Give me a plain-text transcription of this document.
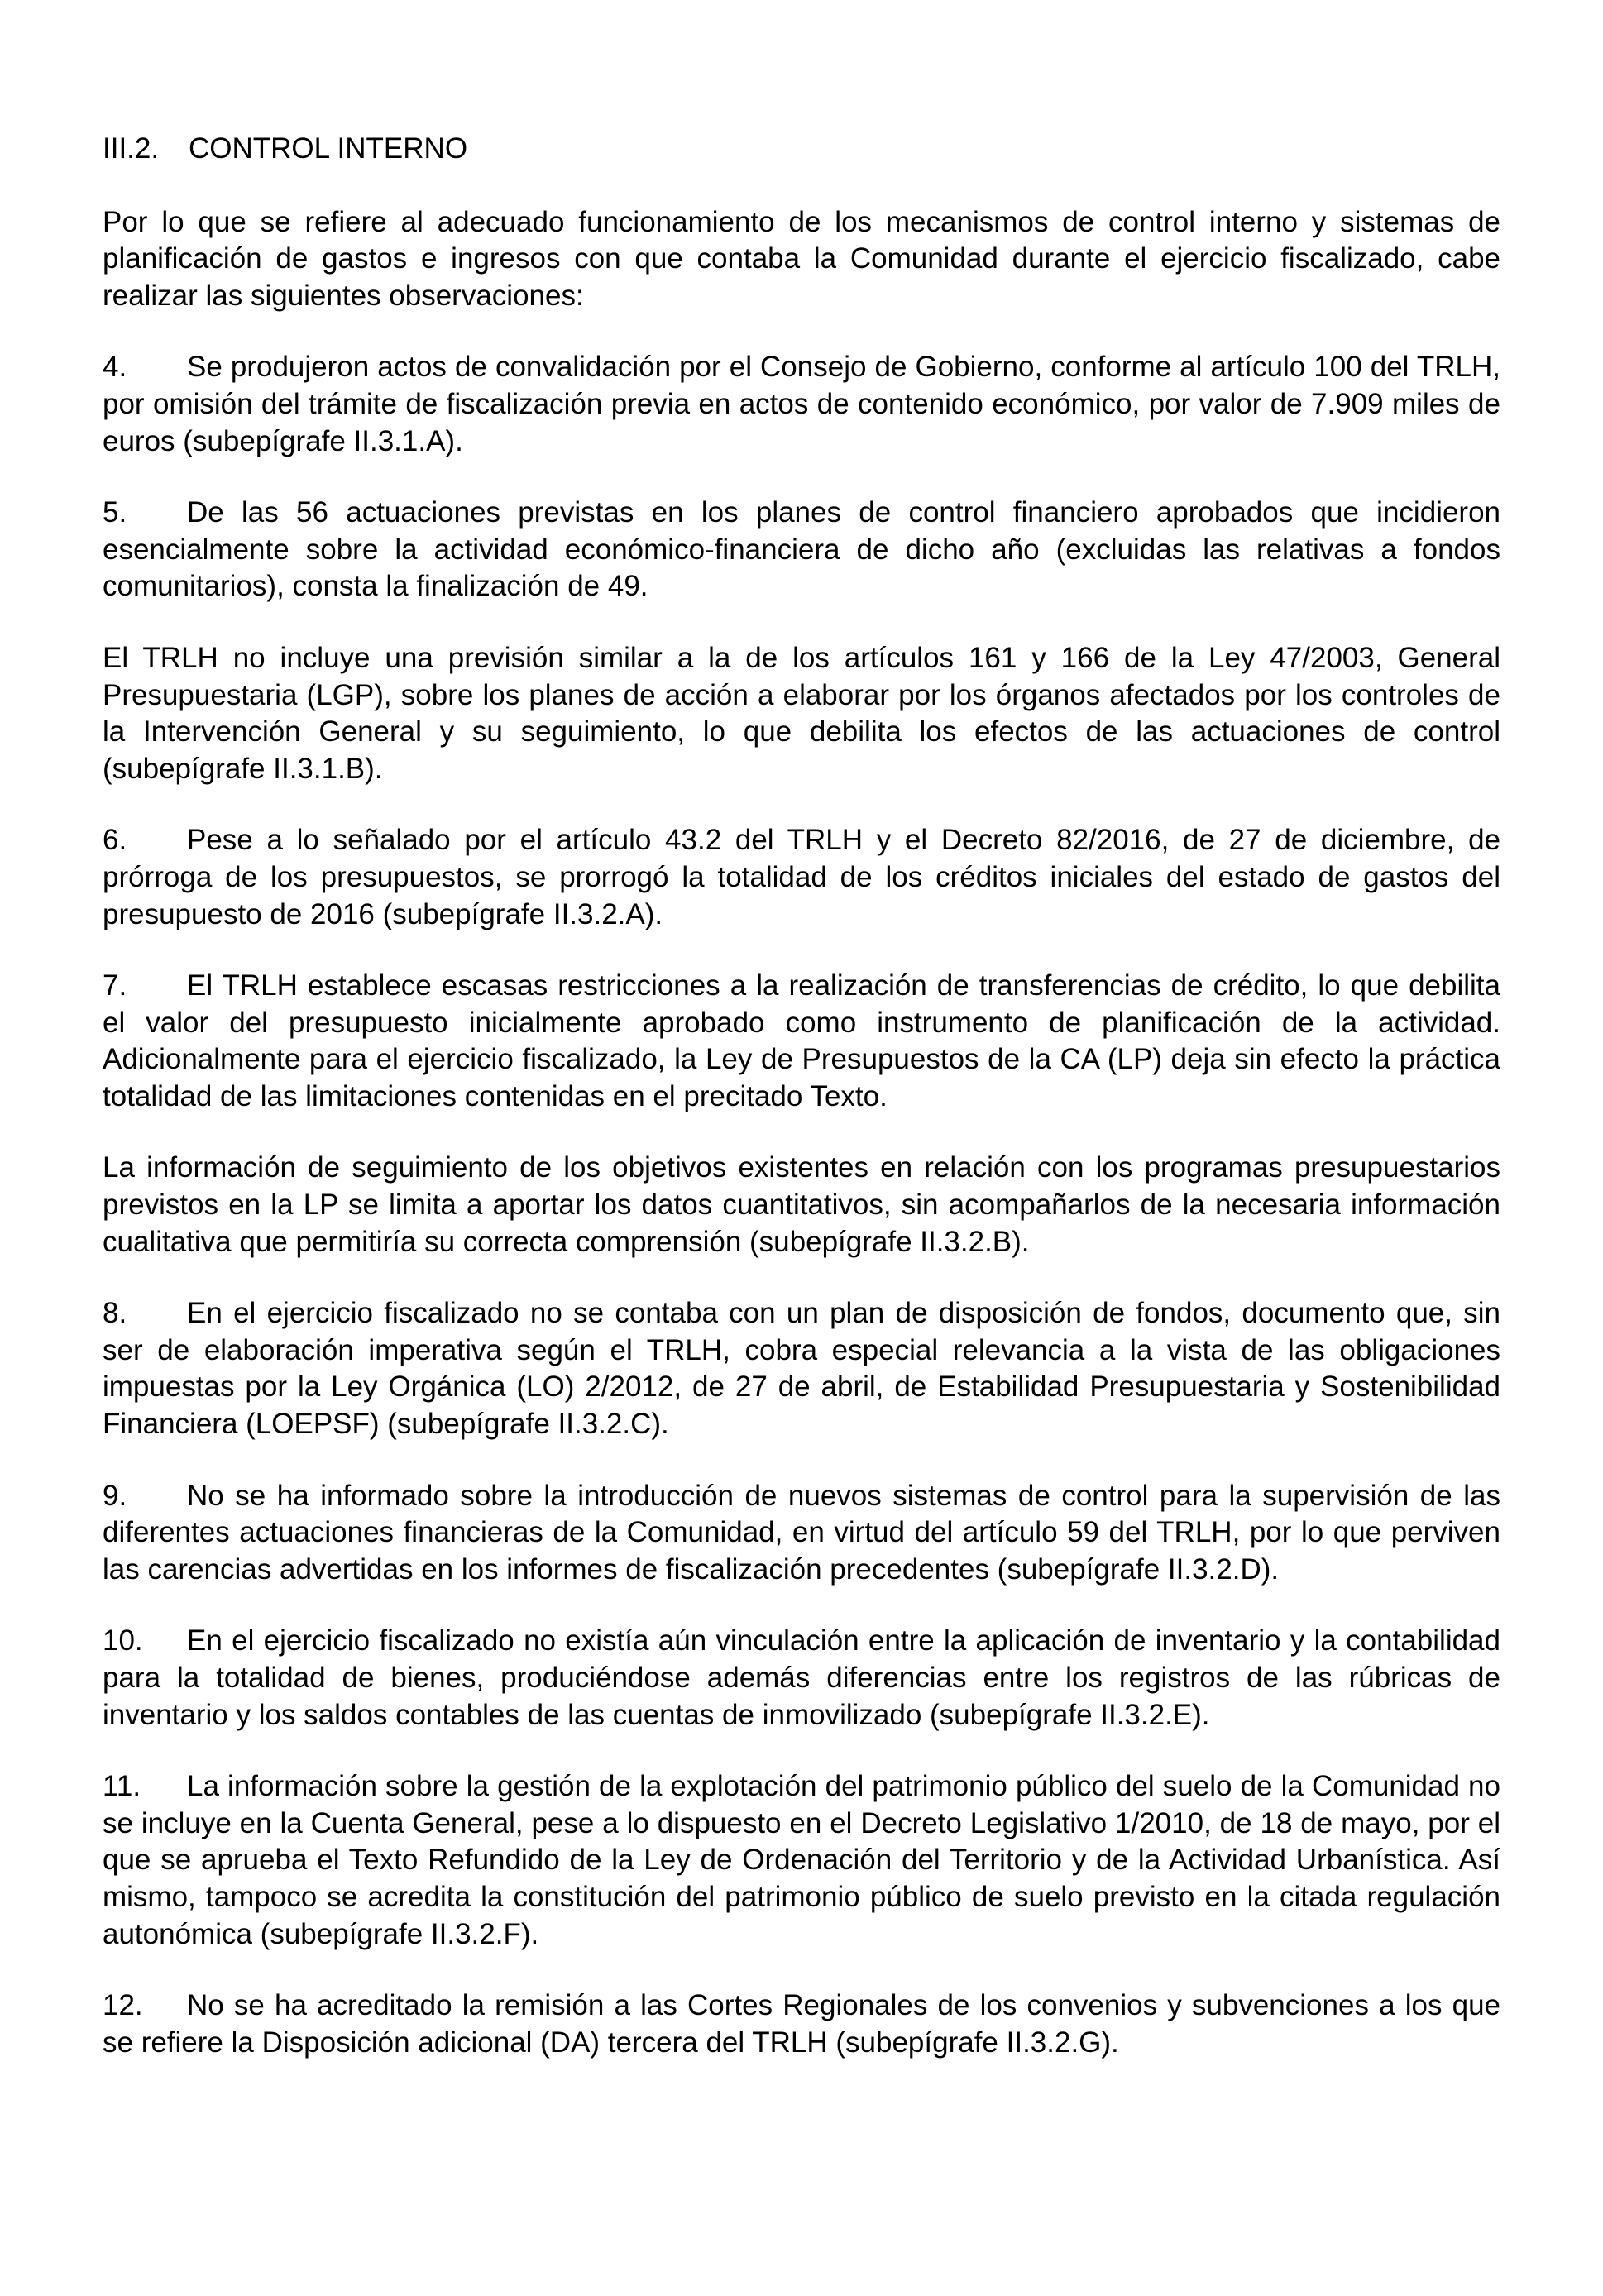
III.2. CONTROL INTERNO

Por lo que se refiere al adecuado funcionamiento de los mecanismos de control interno y sistemas de planificación de gastos e ingresos con que contaba la Comunidad durante el ejercicio fiscalizado, cabe realizar las siguientes observaciones:

4. Se produjeron actos de convalidación por el Consejo de Gobierno, conforme al artículo 100 del TRLH, por omisión del trámite de fiscalización previa en actos de contenido económico, por valor de 7.909 miles de euros (subepígrafe II.3.1.A).

5. De las 56 actuaciones previstas en los planes de control financiero aprobados que incidieron esencialmente sobre la actividad económico-financiera de dicho año (excluidas las relativas a fondos comunitarios), consta la finalización de 49.

El TRLH no incluye una previsión similar a la de los artículos 161 y 166 de la Ley 47/2003, General Presupuestaria (LGP), sobre los planes de acción a elaborar por los órganos afectados por los controles de la Intervención General y su seguimiento, lo que debilita los efectos de las actuaciones de control (subepígrafe II.3.1.B).

6. Pese a lo señalado por el artículo 43.2 del TRLH y el Decreto 82/2016, de 27 de diciembre, de prórroga de los presupuestos, se prorrogó la totalidad de los créditos iniciales del estado de gastos del presupuesto de 2016 (subepígrafe II.3.2.A).

7. El TRLH establece escasas restricciones a la realización de transferencias de crédito, lo que debilita el valor del presupuesto inicialmente aprobado como instrumento de planificación de la actividad. Adicionalmente para el ejercicio fiscalizado, la Ley de Presupuestos de la CA (LP) deja sin efecto la práctica totalidad de las limitaciones contenidas en el precitado Texto.

La información de seguimiento de los objetivos existentes en relación con los programas presupuestarios previstos en la LP se limita a aportar los datos cuantitativos, sin acompañarlos de la necesaria información cualitativa que permitiría su correcta comprensión (subepígrafe II.3.2.B).

8. En el ejercicio fiscalizado no se contaba con un plan de disposición de fondos, documento que, sin ser de elaboración imperativa según el TRLH, cobra especial relevancia a la vista de las obligaciones impuestas por la Ley Orgánica (LO) 2/2012, de 27 de abril, de Estabilidad Presupuestaria y Sostenibilidad Financiera (LOEPSF) (subepígrafe II.3.2.C).

9. No se ha informado sobre la introducción de nuevos sistemas de control para la supervisión de las diferentes actuaciones financieras de la Comunidad, en virtud del artículo 59 del TRLH, por lo que perviven las carencias advertidas en los informes de fiscalización precedentes (subepígrafe II.3.2.D).

10. En el ejercicio fiscalizado no existía aún vinculación entre la aplicación de inventario y la contabilidad para la totalidad de bienes, produciéndose además diferencias entre los registros de las rúbricas de inventario y los saldos contables de las cuentas de inmovilizado (subepígrafe II.3.2.E).

11. La información sobre la gestión de la explotación del patrimonio público del suelo de la Comunidad no se incluye en la Cuenta General, pese a lo dispuesto en el Decreto Legislativo 1/2010, de 18 de mayo, por el que se aprueba el Texto Refundido de la Ley de Ordenación del Territorio y de la Actividad Urbanística. Así mismo, tampoco se acredita la constitución del patrimonio público de suelo previsto en la citada regulación autonómica (subepígrafe II.3.2.F).

12. No se ha acreditado la remisión a las Cortes Regionales de los convenios y subvenciones a los que se refiere la Disposición adicional (DA) tercera del TRLH (subepígrafe II.3.2.G).
